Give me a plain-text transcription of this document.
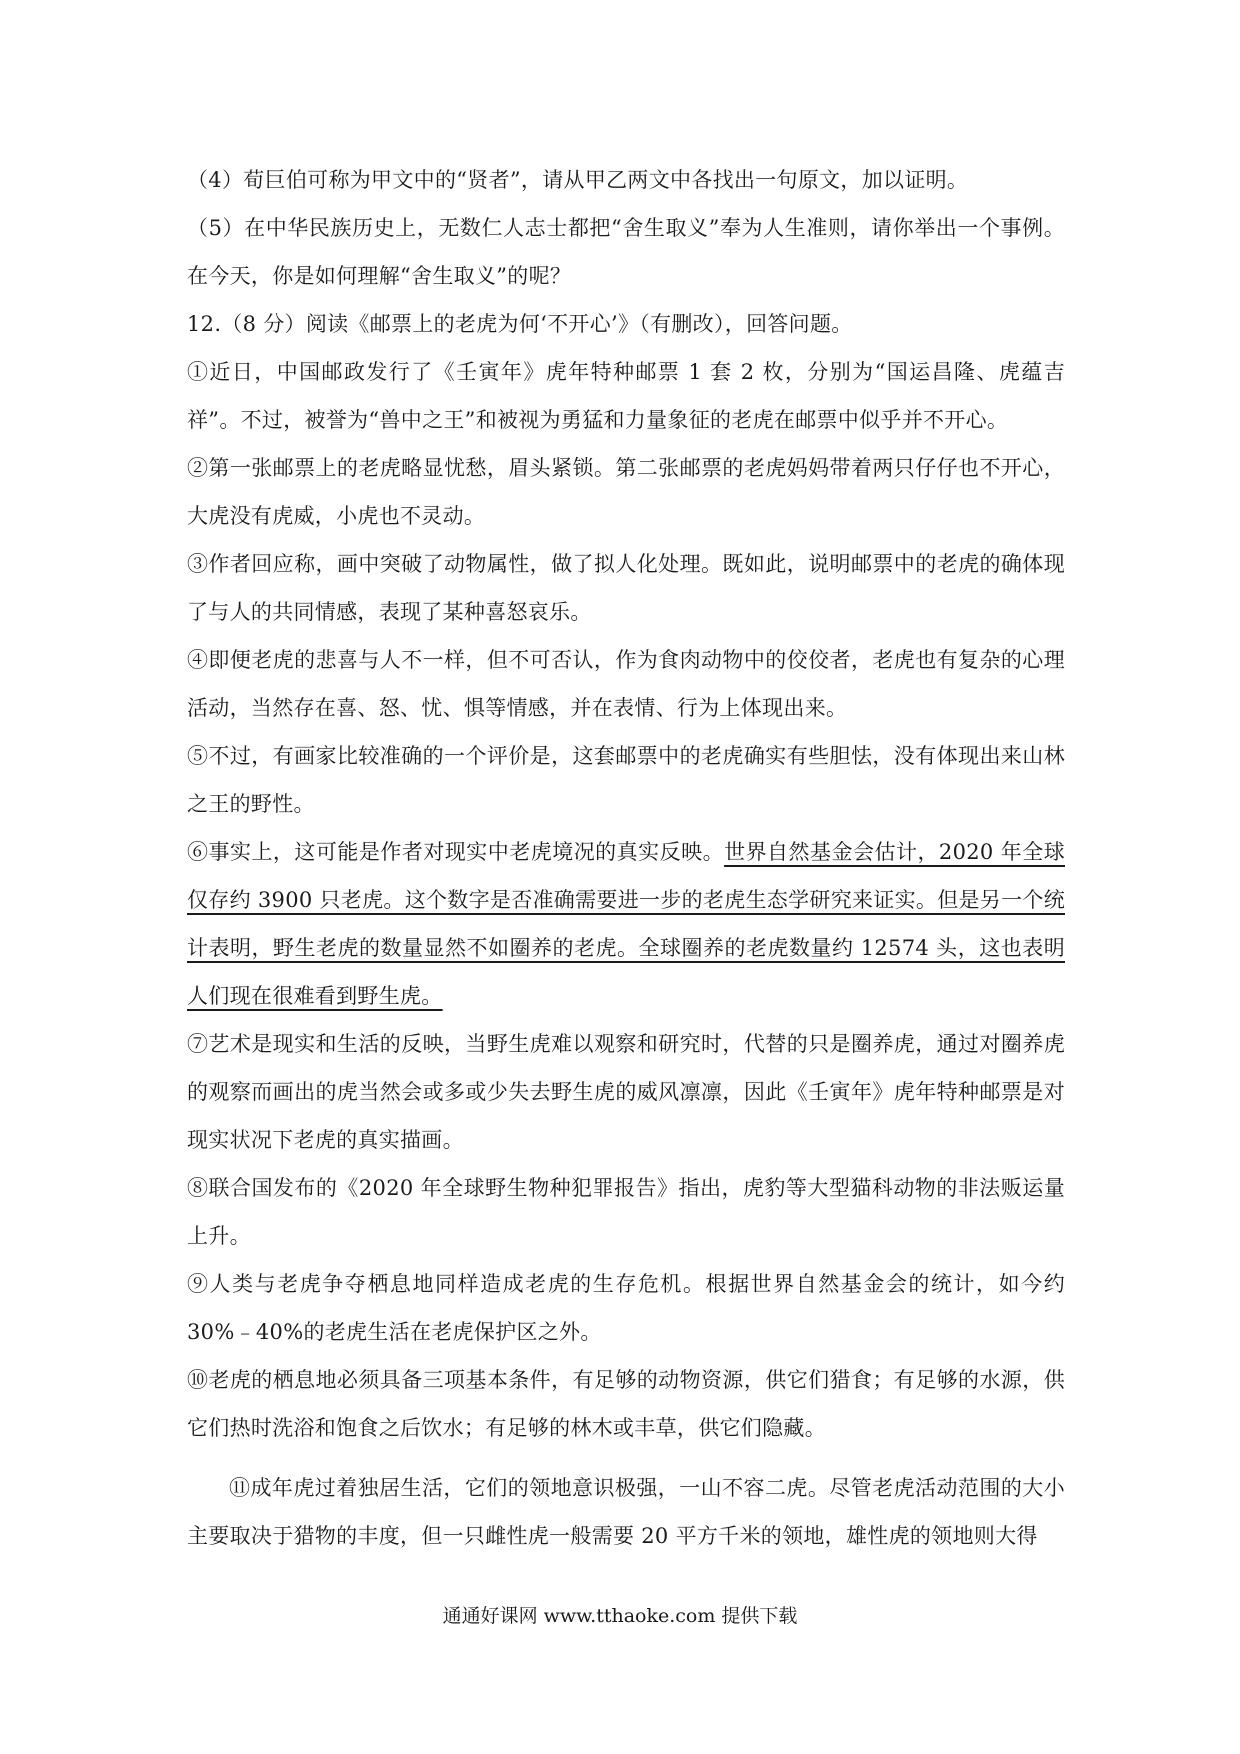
（4）荀巨伯可称为甲文中的“贤者”，请从甲乙两文中各找出一句原文，加以证明。

（5）在中华民族历史上，无数仁人志士都把“舍生取义”奉为人生准则，请你举出一个事例。在今天，你是如何理解“舍生取义”的呢？

12.（8 分）阅读《邮票上的老虎为何‘不开心’》（有删改），回答问题。

①近日，中国邮政发行了《壬寅年》虎年特种邮票 1 套 2 枚，分别为“国运昌隆、虎蕴吉祥”。不过，被誉为“兽中之王”和被视为勇猛和力量象征的老虎在邮票中似乎并不开心。

②第一张邮票上的老虎略显忧愁，眉头紧锁。第二张邮票的老虎妈妈带着两只仔仔也不开心，大虎没有虎威，小虎也不灵动。

③作者回应称，画中突破了动物属性，做了拟人化处理。既如此，说明邮票中的老虎的确体现了与人的共同情感，表现了某种喜怒哀乐。

④即便老虎的悲喜与人不一样，但不可否认，作为食肉动物中的佼佼者，老虎也有复杂的心理活动，当然存在喜、怒、忧、惧等情感，并在表情、行为上体现出来。

⑤不过，有画家比较准确的一个评价是，这套邮票中的老虎确实有些胆怯，没有体现出来山林之王的野性。

⑥事实上，这可能是作者对现实中老虎境况的真实反映。世界自然基金会估计，2020 年全球仅存约 3900 只老虎。这个数字是否准确需要进一步的老虎生态学研究来证实。但是另一个统计表明，野生老虎的数量显然不如圈养的老虎。全球圈养的老虎数量约 12574 头，这也表明人们现在很难看到野生虎。

⑦艺术是现实和生活的反映，当野生虎难以观察和研究时，代替的只是圈养虎，通过对圈养虎的观察而画出的虎当然会或多或少失去野生虎的威风凛凛，因此《壬寅年》虎年特种邮票是对现实状况下老虎的真实描画。

⑧联合国发布的《2020 年全球野生物种犯罪报告》指出，虎豹等大型猫科动物的非法贩运量上升。

⑨人类与老虎争夺栖息地同样造成老虎的生存危机。根据世界自然基金会的统计，如今约 30%﹣40%的老虎生活在老虎保护区之外。

⑩老虎的栖息地必须具备三项基本条件，有足够的动物资源，供它们猎食；有足够的水源，供它们热时洗浴和饱食之后饮水；有足够的林木或丰草，供它们隐藏。

⑪成年虎过着独居生活，它们的领地意识极强，一山不容二虎。尽管老虎活动范围的大小主要取决于猎物的丰度，但一只雌性虎一般需要 20 平方千米的领地，雄性虎的领地则大得

通通好课网 www.tthaoke.com 提供下载
